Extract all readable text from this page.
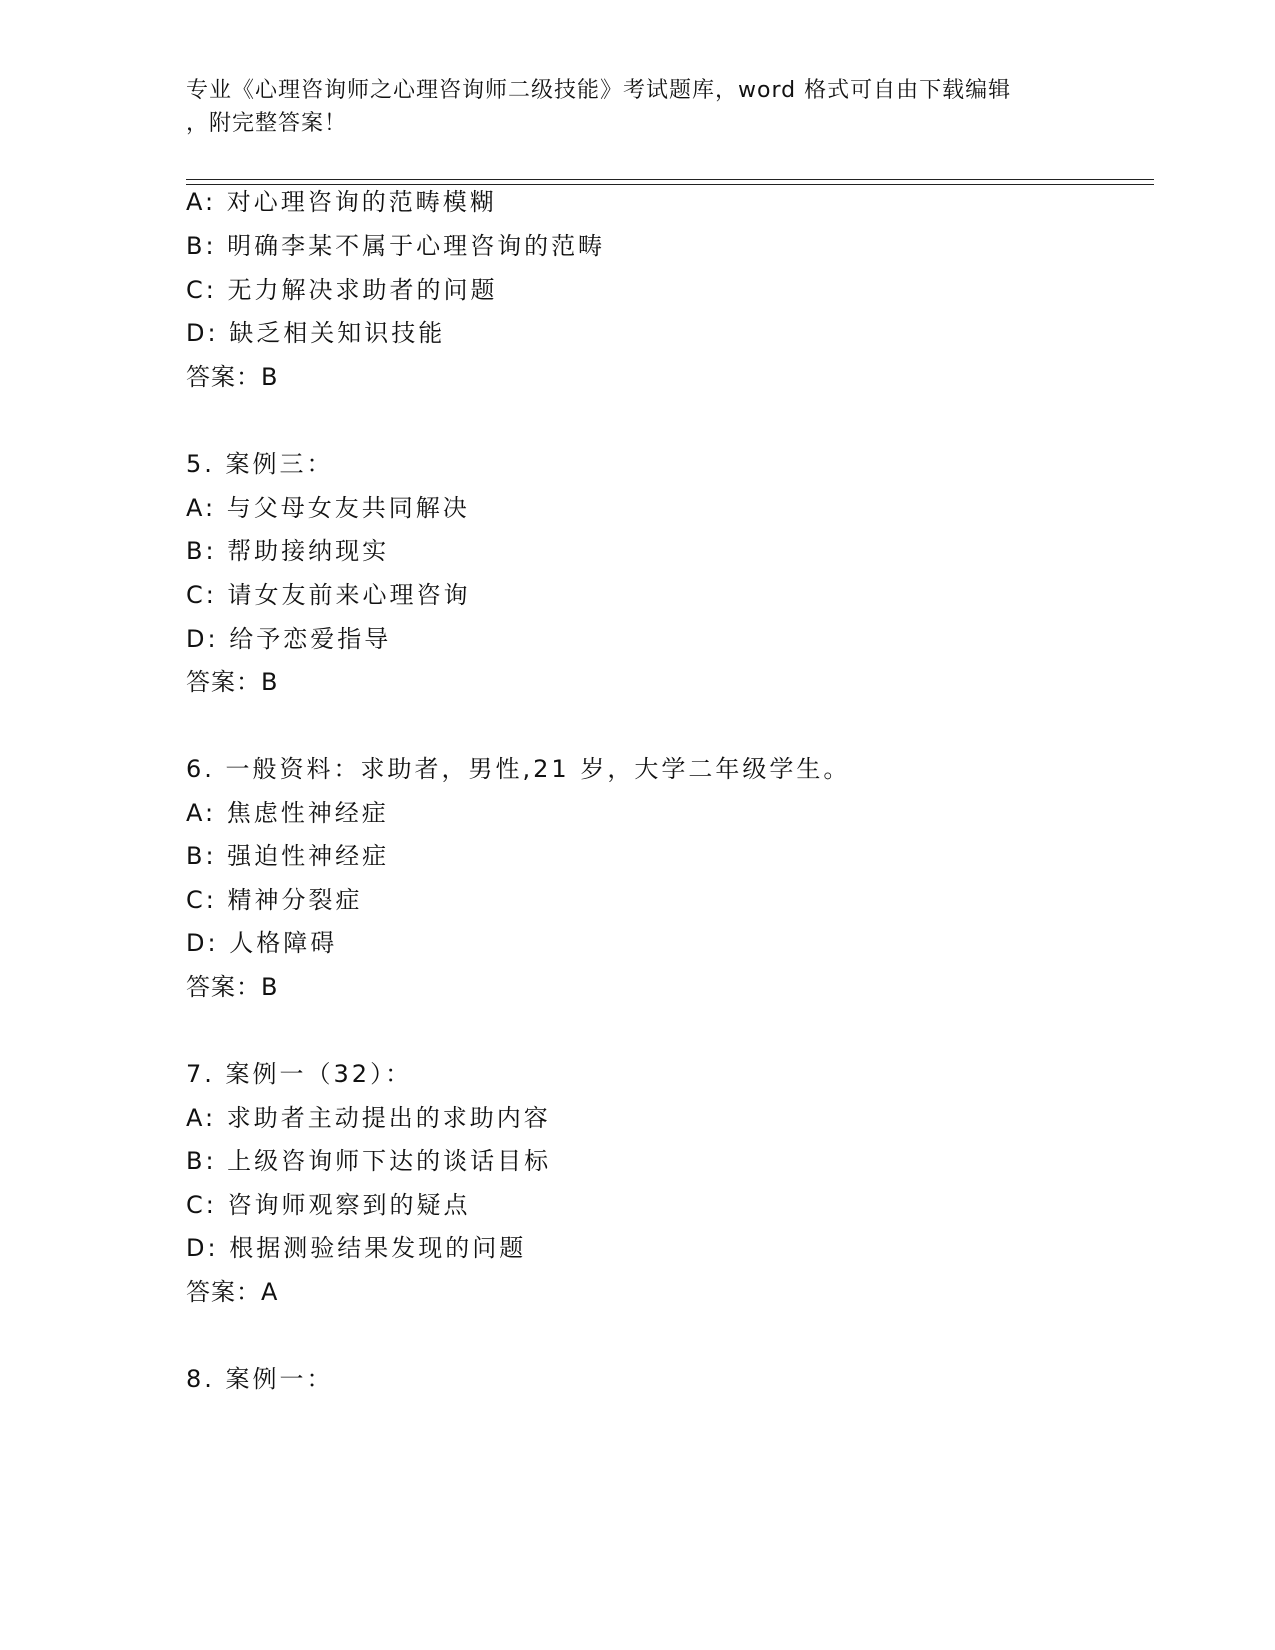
专业《心理咨询师之心理咨询师二级技能》考试题库，word 格式可自由下载编辑
，附完整答案！
A: 对心理咨询的范畴模糊
B: 明确李某不属于心理咨询的范畴
C: 无力解决求助者的问题
D: 缺乏相关知识技能
答案：B
5. 案例三：
A: 与父母女友共同解决
B: 帮助接纳现实
C: 请女友前来心理咨询
D: 给予恋爱指导
答案：B
6. 一般资料：求助者，男性,21 岁，大学二年级学生。
A: 焦虑性神经症
B: 强迫性神经症
C: 精神分裂症
D: 人格障碍
答案：B
7. 案例一（32）：
A: 求助者主动提出的求助内容
B: 上级咨询师下达的谈话目标
C: 咨询师观察到的疑点
D: 根据测验结果发现的问题
答案：A
8. 案例一：
